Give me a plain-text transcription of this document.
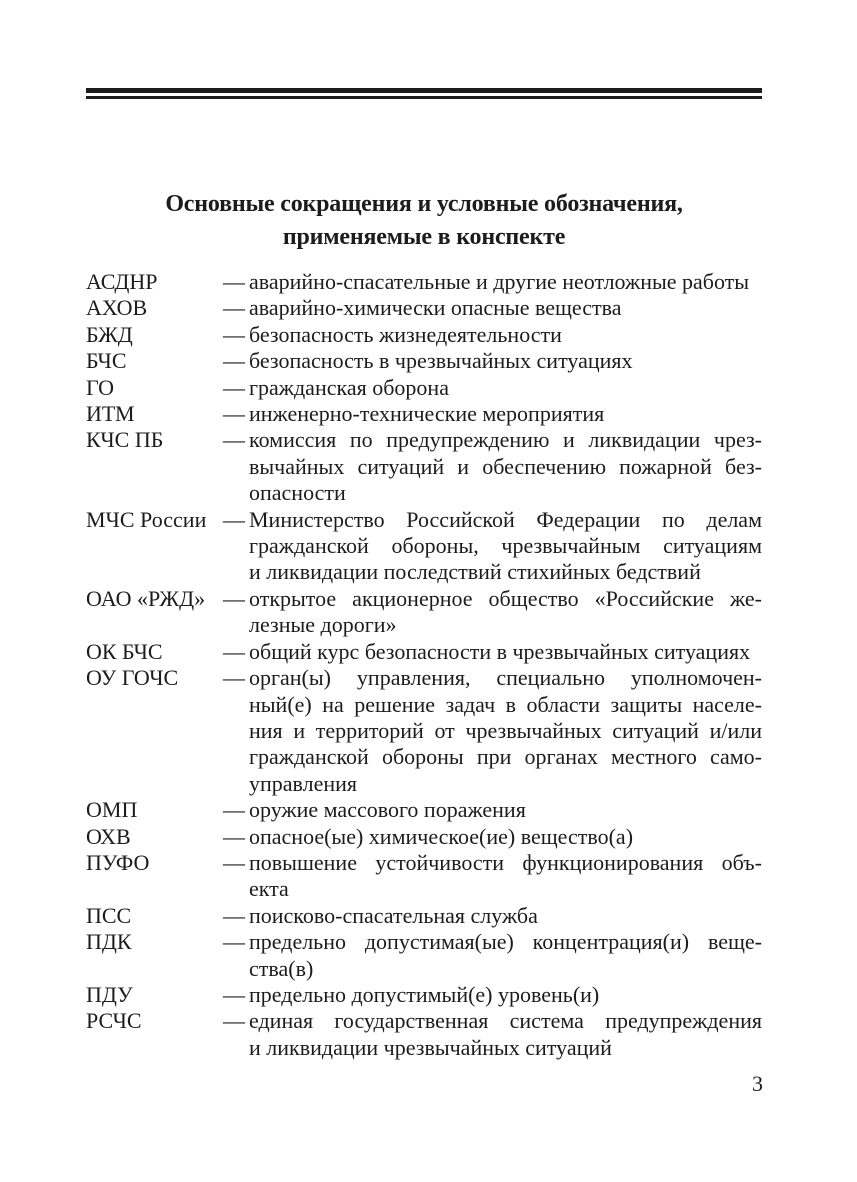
Основные сокращения и условные обозначения,
применяемые в конспекте
АСДНР	— аварийно-спасательные и другие неотложные работы
АХОВ	— аварийно-химически опасные вещества
БЖД	— безопасность жизнедеятельности
БЧС	— безопасность в чрезвычайных ситуациях
ГО	— гражданская оборона
ИТМ	— инженерно-технические мероприятия
КЧС ПБ	— комиссия по предупреждению и ликвидации чрез-
вычайных ситуаций и обеспечению пожарной без-
опасности
МЧС России — Министерство Российской Федерации по делам
гражданской обороны, чрезвычайным ситуациям
и ликвидации последствий стихийных бедствий
ОАО «РЖД» — открытое акционерное общество «Российские же-
лезные дороги»
ОК БЧС	— общий курс безопасности в чрезвычайных ситуациях
ОУ ГОЧС	— орган(ы) управления, специально уполномочен-
ный(е) на решение задач в области защиты населе-
ния и территорий от чрезвычайных ситуаций и/или
гражданской обороны при органах местного само-
управления
ОМП	— оружие массового поражения
ОХВ	— опасное(ые) химическое(ие) вещество(а)
ПУФО	— повышение устойчивости функционирования объ-
екта
ПСС	— поисково-спасательная служба
ПДК	— предельно допустимая(ые) концентрация(и) веще-
ства(в)
ПДУ	— предельно допустимый(е) уровень(и)
РСЧС	— единая государственная система предупреждения
и ликвидации чрезвычайных ситуаций
3
